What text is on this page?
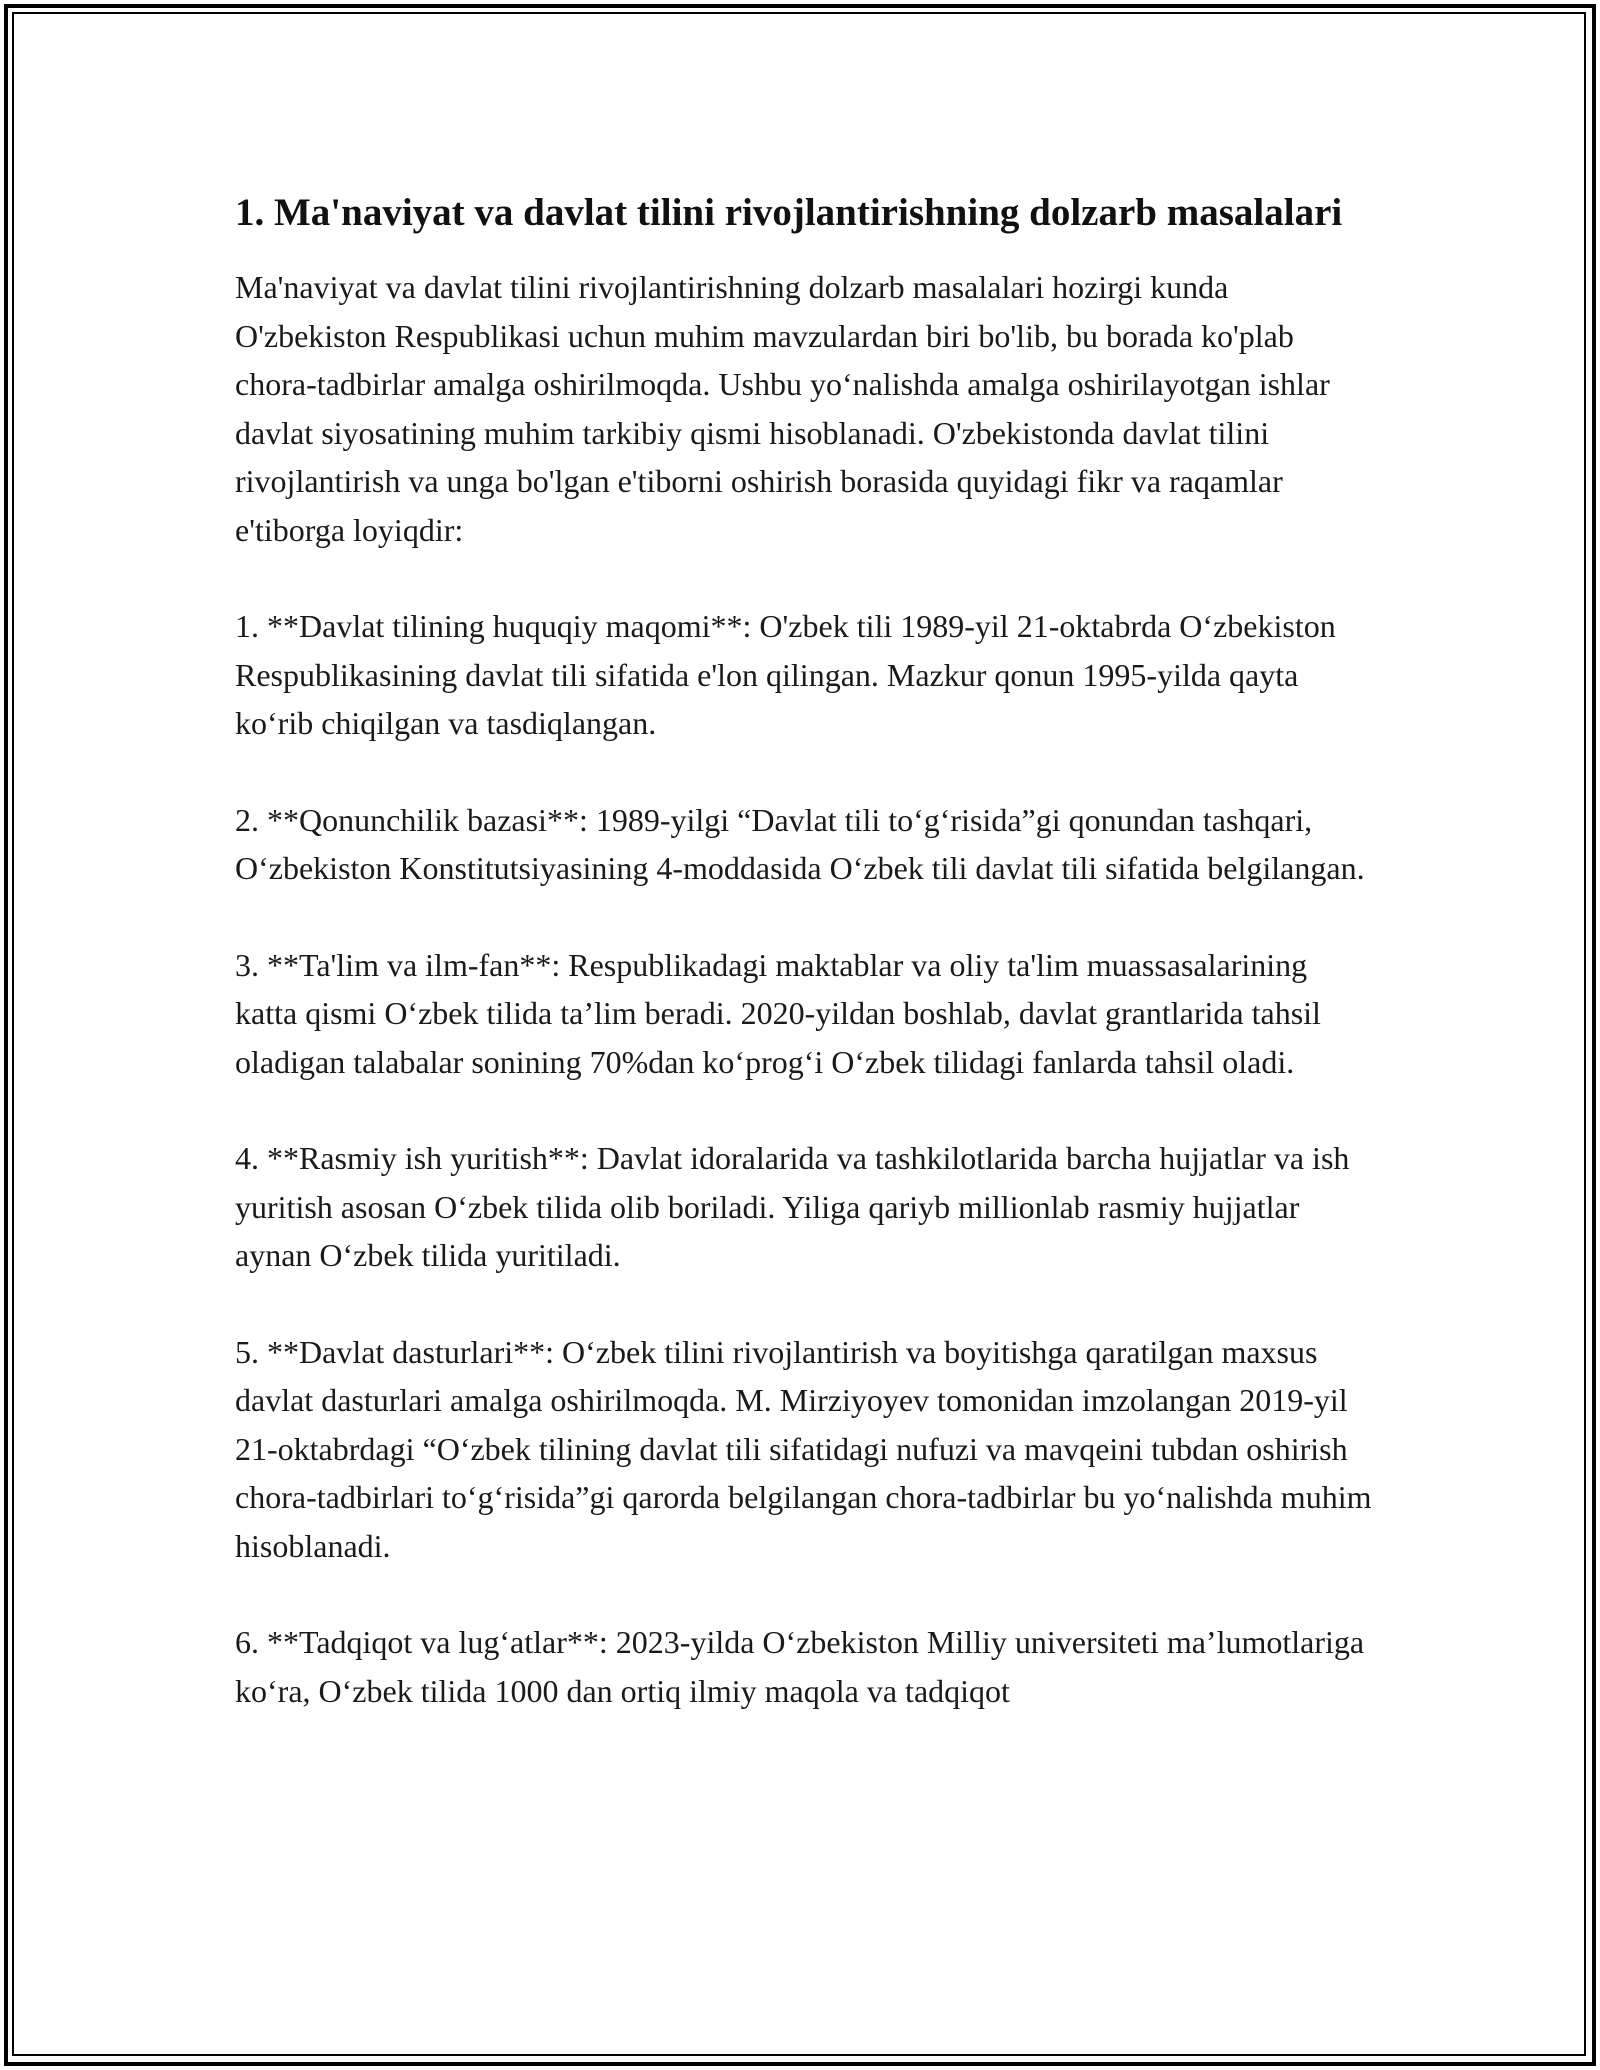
1. Ma'naviyat va davlat tilini rivojlantirishning dolzarb masalalari

Ma'naviyat va davlat tilini rivojlantirishning dolzarb masalalari hozirgi kunda O'zbekiston Respublikasi uchun muhim mavzulardan biri bo'lib, bu borada ko'plab chora-tadbirlar amalga oshirilmoqda. Ushbu yo‘nalishda amalga oshirilayotgan ishlar davlat siyosatining muhim tarkibiy qismi hisoblanadi. O'zbekistonda davlat tilini rivojlantirish va unga bo'lgan e'tiborni oshirish borasida quyidagi fikr va raqamlar e'tiborga loyiqdir:

1. **Davlat tilining huquqiy maqomi**: O'zbek tili 1989-yil 21-oktabrda O‘zbekiston Respublikasining davlat tili sifatida e'lon qilingan. Mazkur qonun 1995-yilda qayta ko‘rib chiqilgan va tasdiqlangan.

2. **Qonunchilik bazasi**: 1989-yilgi “Davlat tili to‘g‘risida”gi qonundan tashqari, O‘zbekiston Konstitutsiyasining 4-moddasida O‘zbek tili davlat tili sifatida belgilangan.

3. **Ta'lim va ilm-fan**: Respublikadagi maktablar va oliy ta'lim muassasalarining katta qismi O‘zbek tilida ta’lim beradi. 2020-yildan boshlab, davlat grantlarida tahsil oladigan talabalar sonining 70%dan ko‘prog‘i O‘zbek tilidagi fanlarda tahsil oladi.

4. **Rasmiy ish yuritish**: Davlat idoralarida va tashkilotlarida barcha hujjatlar va ish yuritish asosan O‘zbek tilida olib boriladi. Yiliga qariyb millionlab rasmiy hujjatlar aynan O‘zbek tilida yuritiladi.

5. **Davlat dasturlari**: O‘zbek tilini rivojlantirish va boyitishga qaratilgan maxsus davlat dasturlari amalga oshirilmoqda. M. Mirziyoyev tomonidan imzolangan 2019-yil 21-oktabrdagi “O‘zbek tilining davlat tili sifatidagi nufuzi va mavqeini tubdan oshirish chora-tadbirlari to‘g‘risida”gi qarorda belgilangan chora-tadbirlar bu yo‘nalishda muhim hisoblanadi.

6. **Tadqiqot va lug‘atlar**: 2023-yilda O‘zbekiston Milliy universiteti ma’lumotlariga ko‘ra, O‘zbek tilida 1000 dan ortiq ilmiy maqola va tadqiqot
